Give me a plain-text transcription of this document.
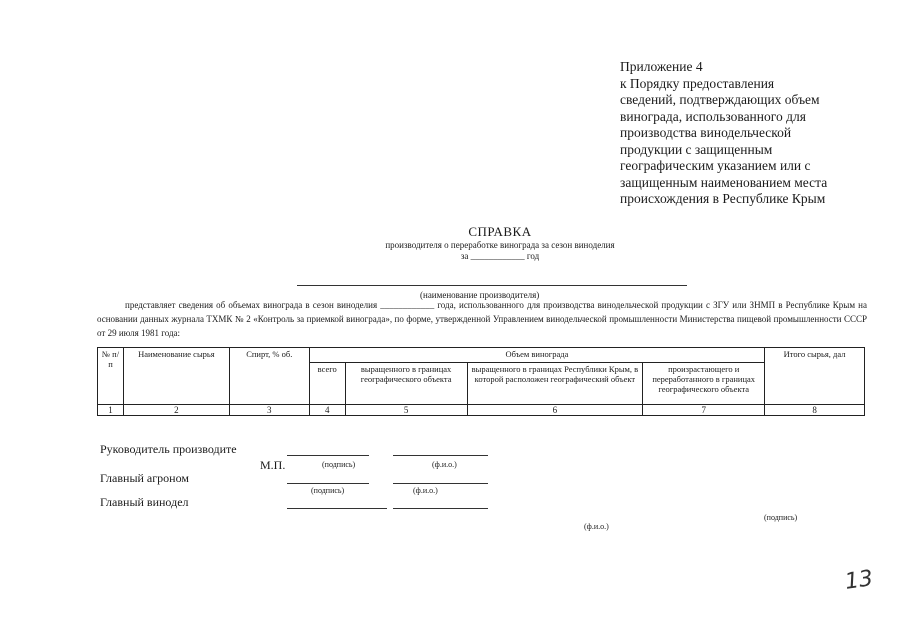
Приложение 4
к Порядку предоставления
сведений, подтверждающих объем
винограда, использованного для
производства винодельческой
продукции с защищенным
географическим указанием или с
защищенным наименованием места
происхождения в Республике Крым
СПРАВКА
производителя о переработке винограда за сезон виноделия
за ____________ год
(наименование производителя)

представляет сведения об объемах винограда в сезон виноделия ____________ года, использованного для производства винодельческой продукции с ЗГУ или ЗНМП в Республике Крым на основании данных журнала ТХМК № 2 «Контроль за приемкой винограда», по форме, утвержденной Управлением винодельческой промышленности Министерства пищевой промышленности СССР от 29 июля 1981 года:

№ п/п	Наименование сырья	Спирт, % об.	Объем винограда				Итого сырья, дал
			всего	выращенного в границах географического объекта	выращенного в границах Республики Крым, в которой расположен географический объект	произрастающего и переработанного в границах географического объекта	
1	2	3	4	5	6	7	8
Руководитель производите
М.П.	(подпись)	(ф.и.о.)
Главный агроном
(подпись)	(ф.и.о.)
Главный винодел
(подпись)
(ф.и.о.)
13
